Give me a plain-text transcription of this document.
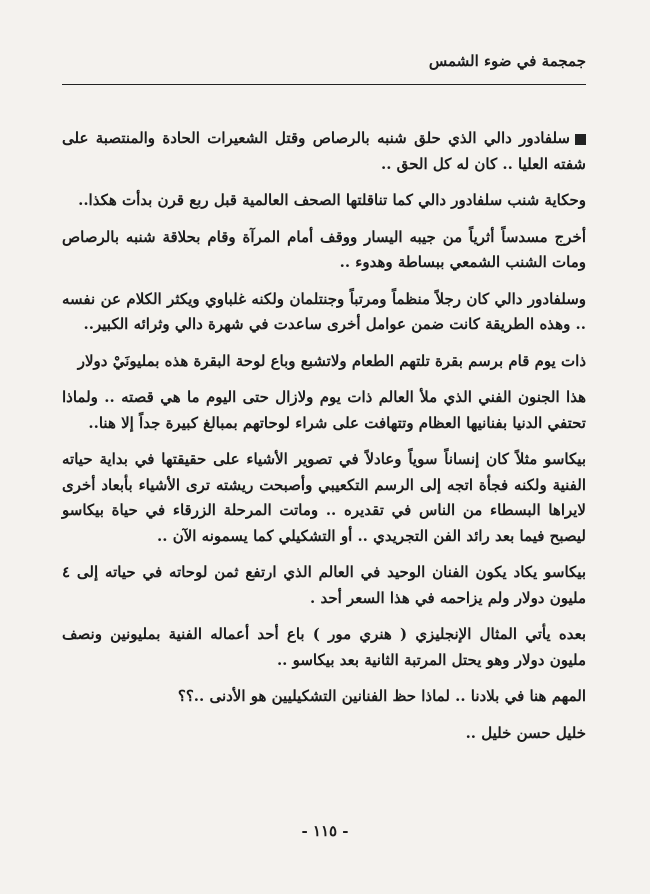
جمجمة في ضوء الشمس

سلفادور دالي الذي حلق شنبه بالرصاص وقتل الشعيرات الحادة والمنتصبة على شفته العليا .. كان له كل الحق ..

وحكاية شنب سلفادور دالي كما تناقلتها الصحف العالمية قبل ربع قرن بدأت هكذا..

أخرج مسدساً أثرياً من جيبه اليسار ووقف أمام المرآة وقام بحلاقة شنبه بالرصاص ومات الشنب الشمعي ببساطة وهدوء ..

وسلفادور دالي كان رجلاً منظماً ومرتباً وجنتلمان ولكنه غلباوي ويكثر الكلام عن نفسه .. وهذه الطريقة كانت ضمن عوامل أخرى ساعدت في شهرة دالي وثرائه الكبير..

ذات يوم قام برسم بقرة تلتهم الطعام ولاتشبع وباع لوحة البقرة هذه بمليونَيْ دولار

هذا الجنون الفني الذي ملأ العالم ذات يوم ولازال حتى اليوم ما هي قصته .. ولماذا تحتفي الدنيا بفنانيها العظام وتتهافت على شراء لوحاتهم بمبالغ كبيرة جداً إلا هنا..

بيكاسو مثلاً كان إنساناً سوياً وعادلاً في تصوير الأشياء على حقيقتها في بداية حياته الفنية ولكنه فجأة اتجه إلى الرسم التكعيبي وأصبحت ريشته ترى الأشياء بأبعاد أخرى لايراها البسطاء من الناس في تقديره .. وماتت المرحلة الزرقاء في حياة بيكاسو ليصبح فيما بعد رائد الفن التجريدي .. أو التشكيلي كما يسمونه الآن ..

بيكاسو يكاد يكون الفنان الوحيد في العالم الذي ارتفع ثمن لوحاته في حياته إلى ٤ مليون دولار ولم يزاحمه في هذا السعر أحد .

بعده يأتي المثال الإنجليزي ( هنري مور ) باع أحد أعماله الفنية بمليونين ونصف مليون دولار وهو يحتل المرتبة الثانية بعد بيكاسو ..

المهم هنا في بلادنا .. لماذا حظ الفنانين التشكيليين هو الأدنى ..؟؟

خليل حسن خليل ..

- ١١٥ -
